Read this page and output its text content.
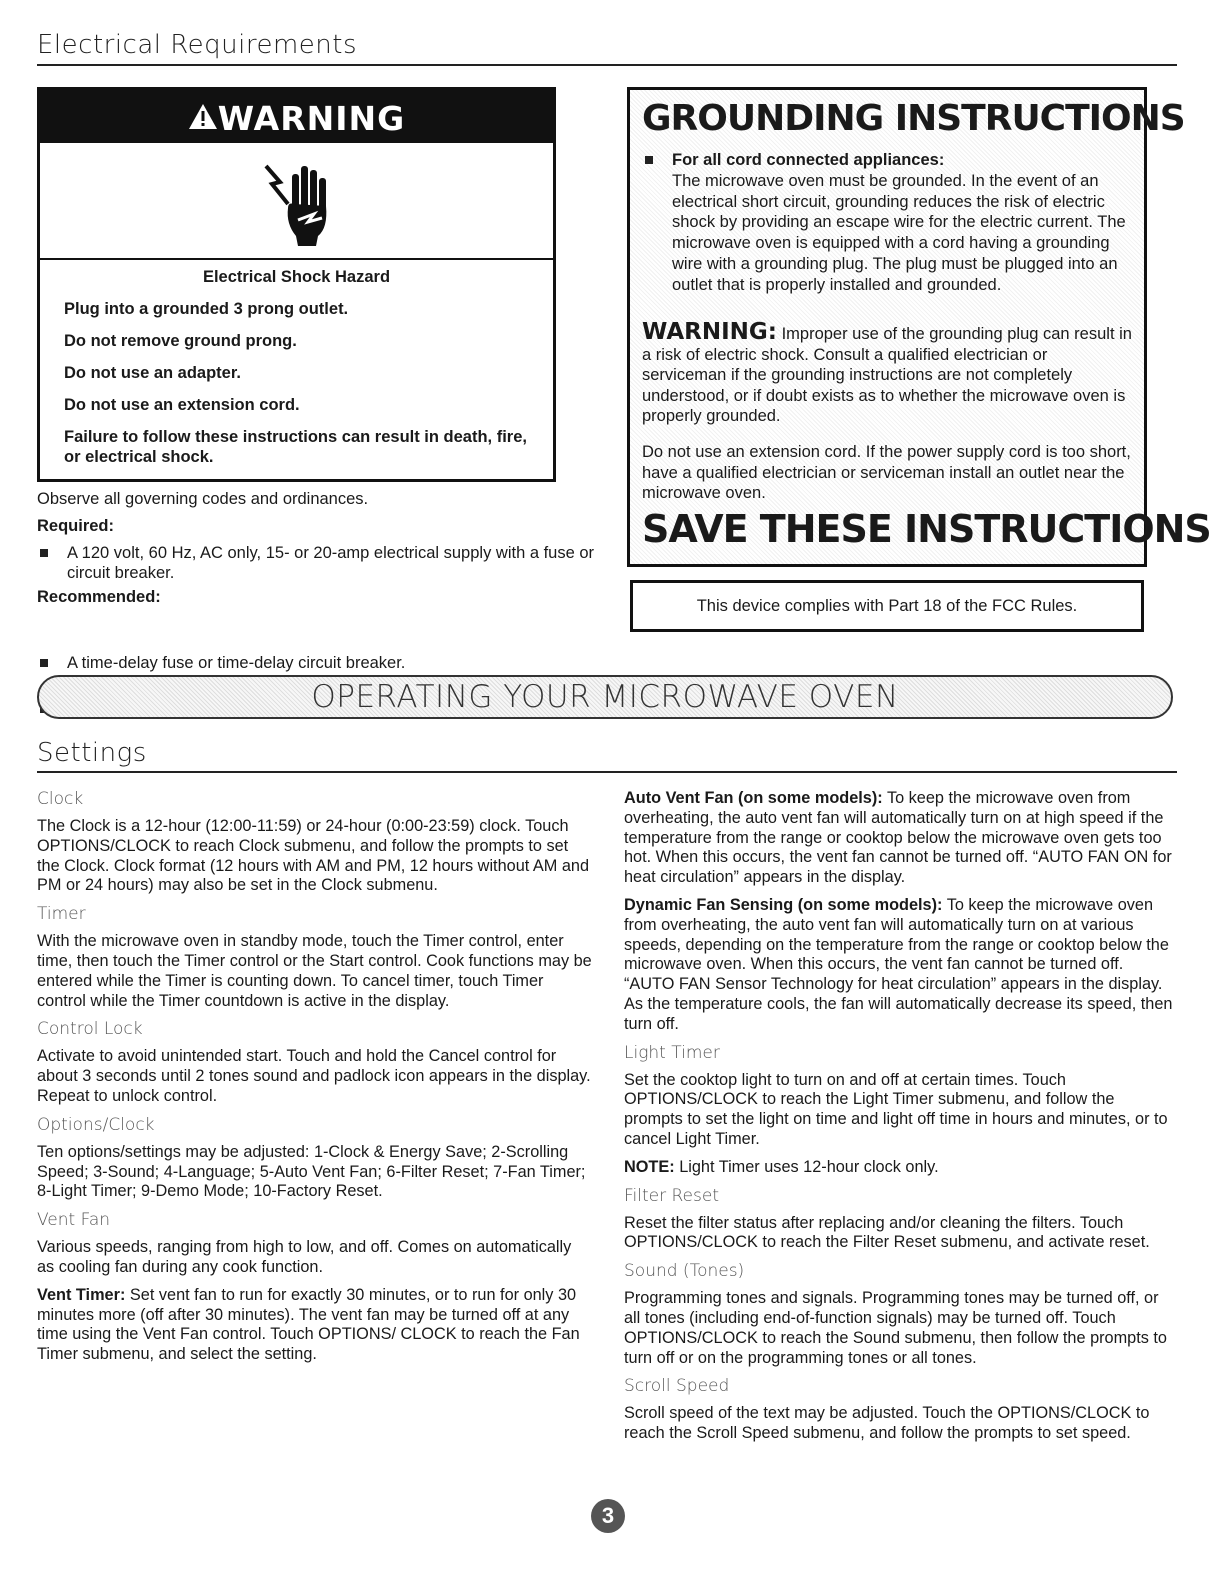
Electrical Requirements
WARNING
Electrical Shock Hazard

Plug into a grounded 3 prong outlet.

Do not remove ground prong.

Do not use an adapter.

Do not use an extension cord.

Failure to follow these instructions can result in death, fire, or electrical shock.

Observe all governing codes and ordinances.
Required:
A 120 volt, 60 Hz, AC only, 15- or 20-amp electrical supply with a fuse or circuit breaker.
Recommended:
A time-delay fuse or time-delay circuit breaker.
GROUNDING INSTRUCTIONS
For all cord connected appliances:
The microwave oven must be grounded. In the event of an electrical short circuit, grounding reduces the risk of electric shock by providing an escape wire for the electric current. The microwave oven is equipped with a cord having a grounding wire with a grounding plug. The plug must be plugged into an outlet that is properly installed and grounded.
WARNING: Improper use of the grounding plug can result in a risk of electric shock. Consult a qualified electrician or serviceman if the grounding instructions are not completely understood, or if doubt exists as to whether the microwave oven is properly grounded.
Do not use an extension cord. If the power supply cord is too short, have a qualified electrician or serviceman install an outlet near the microwave oven.
SAVE THESE INSTRUCTIONS
This device complies with Part 18 of the FCC Rules.
OPERATING YOUR MICROWAVE OVEN
Settings
Clock

The Clock is a 12-hour (12:00-11:59) or 24-hour (0:00-23:59) clock. Touch OPTIONS/CLOCK to reach Clock submenu, and follow the prompts to set the Clock. Clock format (12 hours with AM and PM, 12 hours without AM and PM or 24 hours) may also be set in the Clock submenu.

Timer

With the microwave oven in standby mode, touch the Timer control, enter time, then touch the Timer control or the Start control. Cook functions may be entered while the Timer is counting down. To cancel timer, touch Timer control while the Timer countdown is active in the display.

Control Lock

Activate to avoid unintended start. Touch and hold the Cancel control for about 3 seconds until 2 tones sound and padlock icon appears in the display. Repeat to unlock control.

Options/Clock

Ten options/settings may be adjusted: 1-Clock & Energy Save; 2-Scrolling Speed; 3-Sound; 4-Language; 5-Auto Vent Fan; 6-Filter Reset; 7-Fan Timer; 8-Light Timer; 9-Demo Mode; 10-Factory Reset.

Vent Fan

Various speeds, ranging from high to low, and off. Comes on automatically as cooling fan during any cook function.

Vent Timer: Set vent fan to run for exactly 30 minutes, or to run for only 30 minutes more (off after 30 minutes). The vent fan may be turned off at any time using the Vent Fan control. Touch OPTIONS/ CLOCK to reach the Fan Timer submenu, and select the setting.

Auto Vent Fan (on some models): To keep the microwave oven from overheating, the auto vent fan will automatically turn on at high speed if the temperature from the range or cooktop below the microwave oven gets too hot. When this occurs, the vent fan cannot be turned off. “AUTO FAN ON for heat circulation” appears in the display.

Dynamic Fan Sensing (on some models): To keep the microwave oven from overheating, the auto vent fan will automatically turn on at various speeds, depending on the temperature from the range or cooktop below the microwave oven. When this occurs, the vent fan cannot be turned off. “AUTO FAN Sensor Technology for heat circulation” appears in the display. As the temperature cools, the fan will automatically decrease its speed, then turn off.

Light Timer

Set the cooktop light to turn on and off at certain times. Touch OPTIONS/CLOCK to reach the Light Timer submenu, and follow the prompts to set the light on time and light off time in hours and minutes, or to cancel Light Timer.

NOTE: Light Timer uses 12-hour clock only.

Filter Reset

Reset the filter status after replacing and/or cleaning the filters. Touch OPTIONS/CLOCK to reach the Filter Reset submenu, and activate reset.

Sound (Tones)

Programming tones and signals. Programming tones may be turned off, or all tones (including end-of-function signals) may be turned off. Touch OPTIONS/CLOCK to reach the Sound submenu, then follow the prompts to turn off or on the programming tones or all tones.

Scroll Speed

Scroll speed of the text may be adjusted. Touch the OPTIONS/CLOCK to reach the Scroll Speed submenu, and follow the prompts to set speed.

3
